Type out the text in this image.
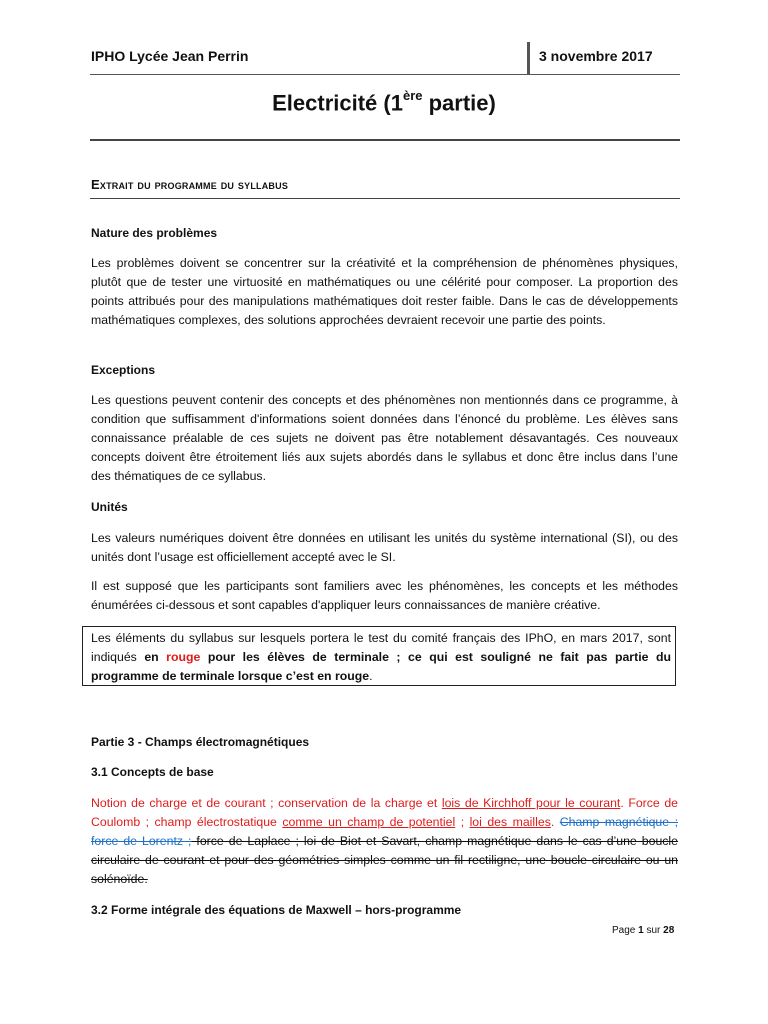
IPHO Lycée Jean Perrin	3 novembre 2017
Electricité (1ère partie)
Extrait du programme du syllabus
Nature des problèmes

Les problèmes doivent se concentrer sur la créativité et la compréhension de phénomènes physiques, plutôt que de tester une virtuosité en mathématiques ou une célérité pour composer. La proportion des points attribués pour des manipulations mathématiques doit rester faible. Dans le cas de développements mathématiques complexes, des solutions approchées devraient recevoir une partie des points.

Exceptions

Les questions peuvent contenir des concepts et des phénomènes non mentionnés dans ce programme, à condition que suffisamment d'informations soient données dans l’énoncé du problème. Les élèves sans connaissance préalable de ces sujets ne doivent pas être notablement désavantagés. Ces nouveaux concepts doivent être étroitement liés aux sujets abordés dans le syllabus et donc être inclus dans l’une des thématiques de ce syllabus.

Unités

Les valeurs numériques doivent être données en utilisant les unités du système international (SI), ou des unités dont l’usage est officiellement accepté avec le SI.

Il est supposé que les participants sont familiers avec les phénomènes, les concepts et les méthodes énumérées ci-dessous et sont capables d'appliquer leurs connaissances de manière créative.

Les éléments du syllabus sur lesquels portera le test du comité français des IPhO, en mars 2017, sont indiqués en rouge pour les élèves de terminale ; ce qui est souligné ne fait pas partie du programme de terminale lorsque c’est en rouge.
Partie 3 - Champs électromagnétiques
3.1 Concepts de base

Notion de charge et de courant ; conservation de la charge et lois de Kirchhoff pour le courant. Force de Coulomb ; champ électrostatique comme un champ de potentiel ; loi des mailles. Champ magnétique ; force de Lorentz ; force de Laplace ; loi de Biot et Savart, champ magnétique dans le cas d’une boucle circulaire de courant et pour des géométries simples comme un fil rectiligne, une boucle circulaire ou un solénoïde.

3.2 Forme intégrale des équations de Maxwell – hors-programme
Page 1 sur 28
